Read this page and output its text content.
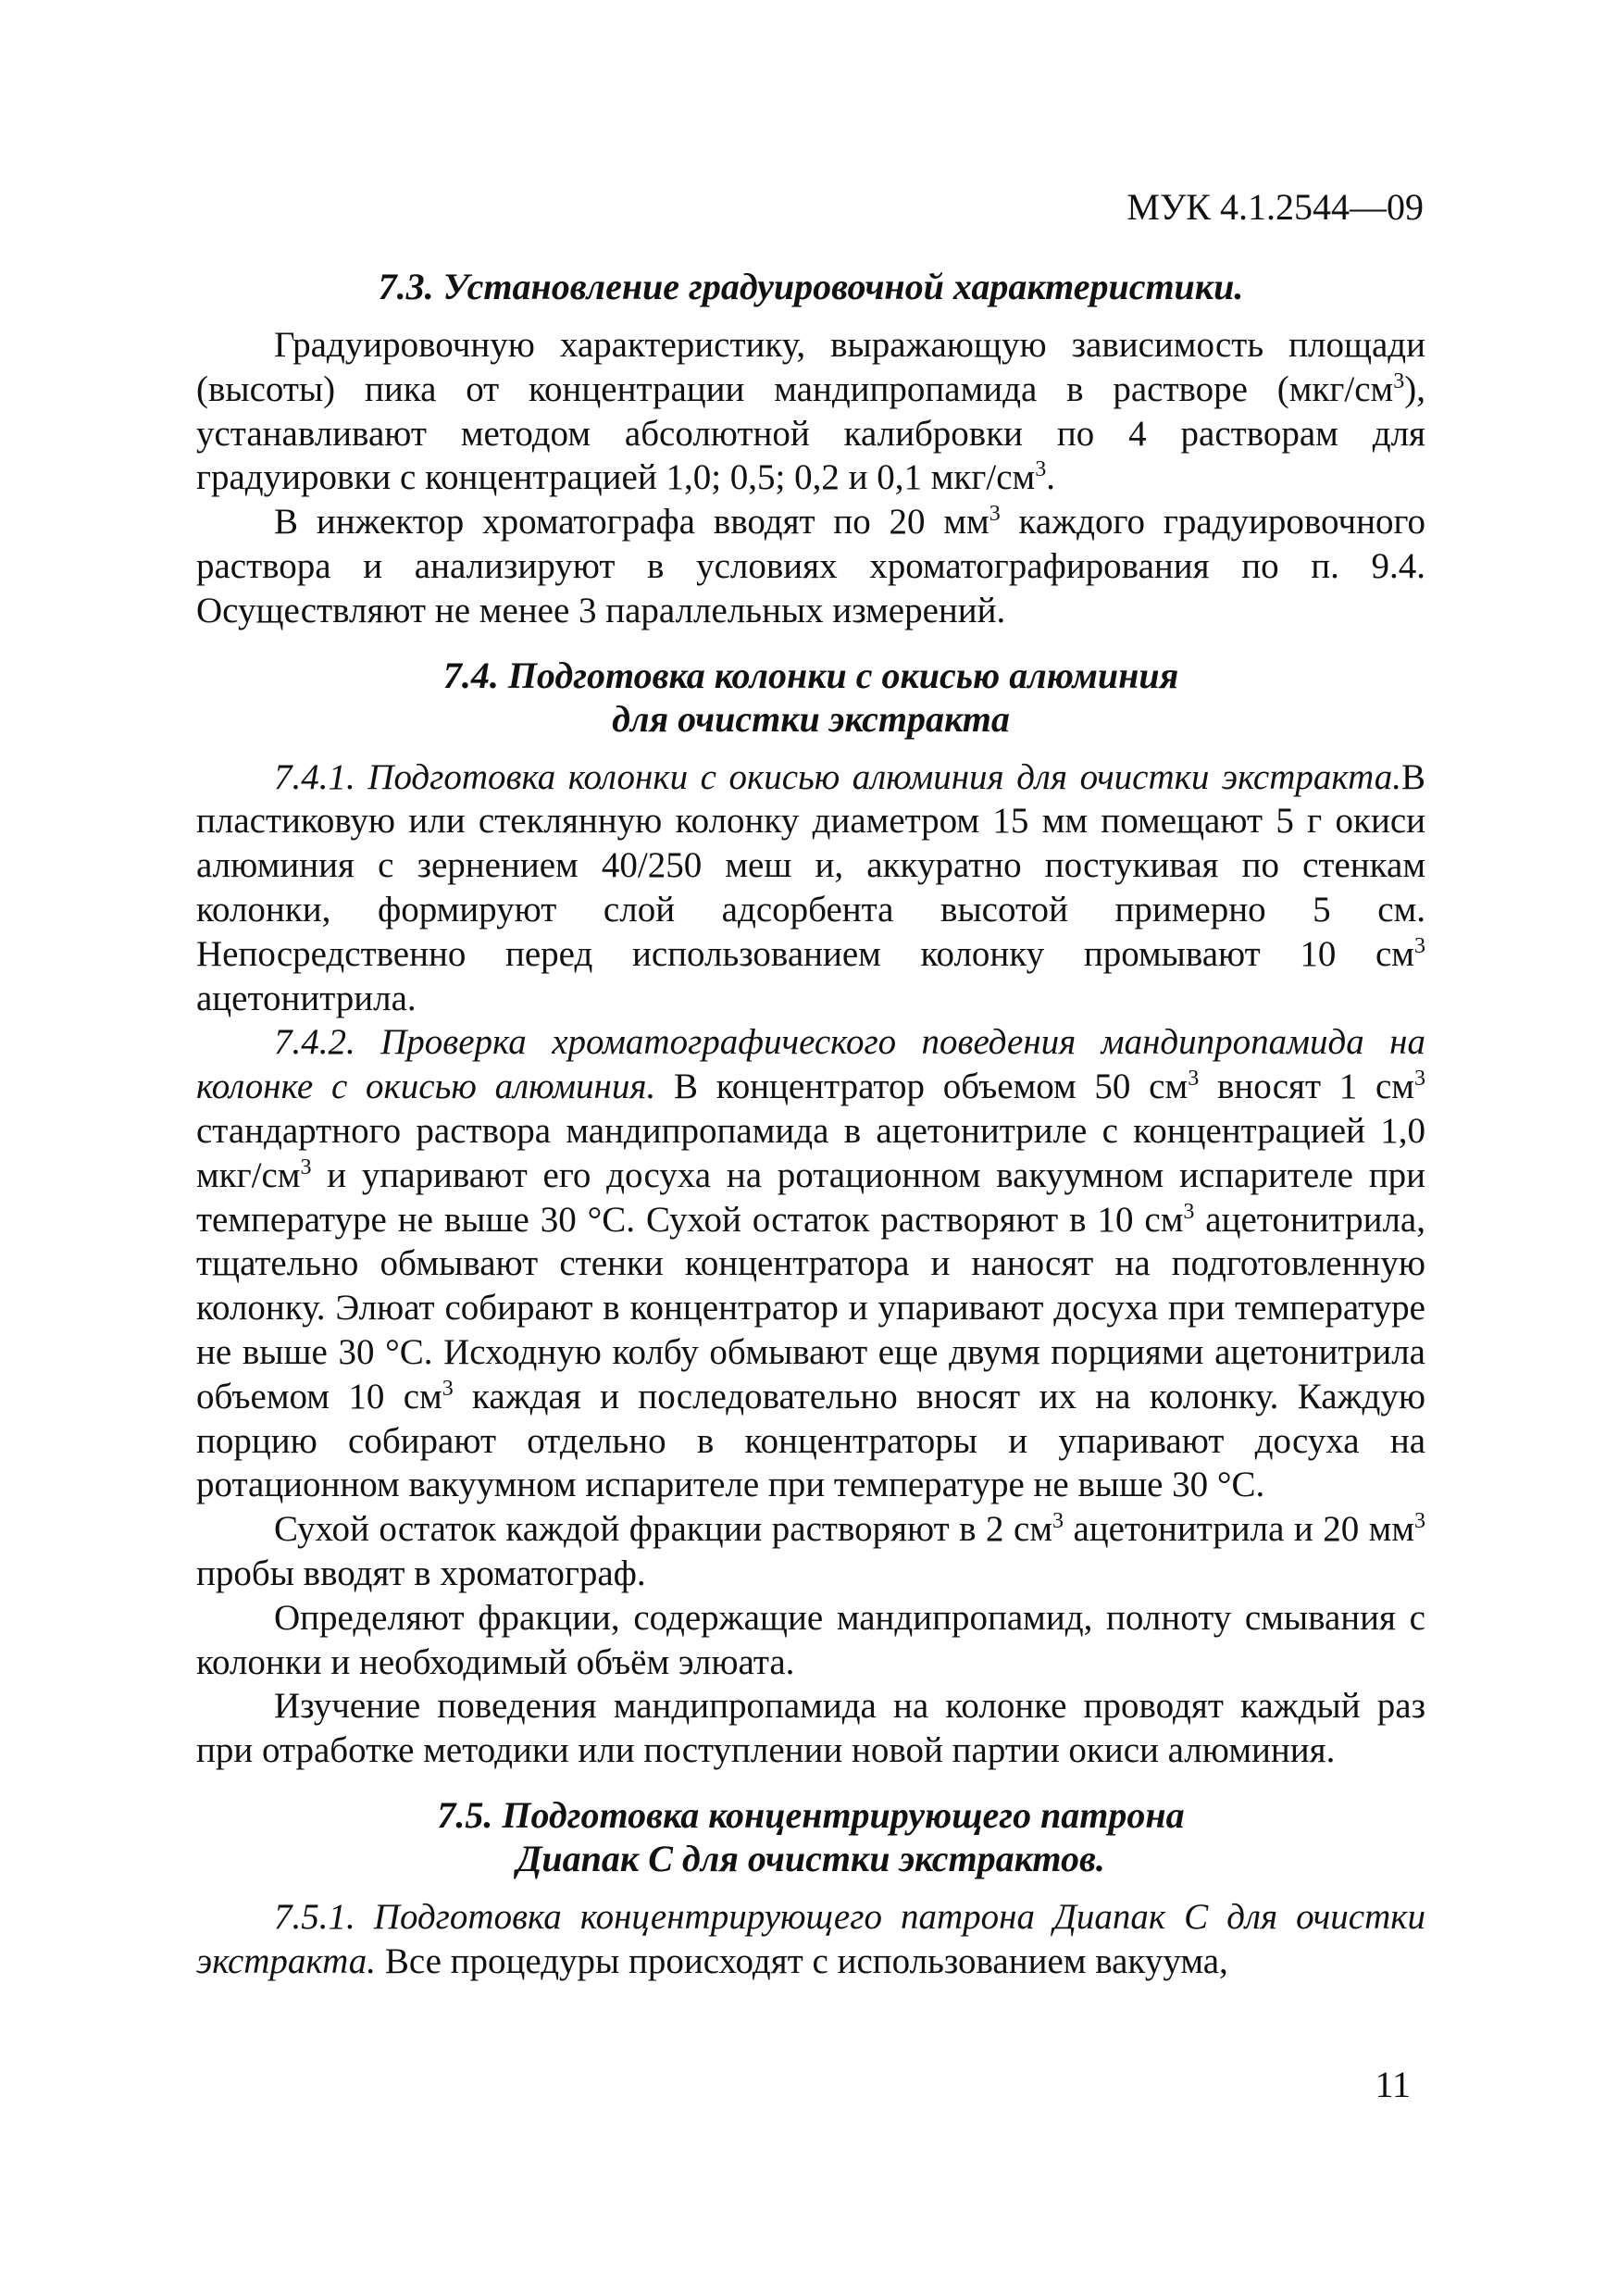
МУК 4.1.2544—09
7.3. Установление градуировочной характеристики.

Градуировочную характеристику, выражающую зависимость площади (высоты) пика от концентрации мандипропамида в растворе $(мкг/см^3)$, устанавливают методом абсолютной калибровки по 4 растворам для градуировки с концентрацией 1,0; 0,5; 0,2 и 0,1 мкг/$см^3$.

В инжектор хроматографа вводят по 20 $мм^3$ каждого градуировочного раствора и анализируют в условиях хроматографирования по п. 9.4. Осуществляют не менее 3 параллельных измерений.

7.4. Подготовка колонки с окисью алюминия
для очистки экстракта

7.4.1. Подготовка колонки с окисью алюминия для очистки экстракта.В пластиковую или стеклянную колонку диаметром 15 мм помещают 5 г окиси алюминия с зернением 40/250 меш и, аккуратно постукивая по стенкам колонки, формируют слой адсорбента высотой примерно 5 см. Непосредственно перед использованием колонку промывают 10 $см^3$ ацетонитрила.

7.4.2. Проверка хроматографического поведения мандипропамида на колонке с окисью алюминия. В концентратор объемом 50 $см^3$ вносят 1 $см^3$ стандартного раствора мандипропамида в ацетонитриле с концентрацией 1,0 мкг/$см^3$ и упаривают его досуха на ротационном вакуумном испарителе при температуре не выше 30 °С. Сухой остаток растворяют в 10 $см^3$ ацетонитрила, тщательно обмывают стенки концентратора и наносят на подготовленную колонку. Элюат собирают в концентратор и упаривают досуха при температуре не выше 30 °С. Исходную колбу обмывают еще двумя порциями ацетонитрила объемом 10 $см^3$ каждая и последовательно вносят их на колонку. Каждую порцию собирают отдельно в концентраторы и упаривают досуха на ротационном вакуумном испарителе при температуре не выше 30 °С.

Сухой остаток каждой фракции растворяют в 2 $см^3$ ацетонитрила и 20 $мм^3$ пробы вводят в хроматограф.

Определяют фракции, содержащие мандипропамид, полноту смывания с колонки и необходимый объём элюата.

Изучение поведения мандипропамида на колонке проводят каждый раз при отработке методики или поступлении новой партии окиси алюминия.

7.5. Подготовка концентрирующего патрона
Диапак С для очистки экстрактов.

7.5.1. Подготовка концентрирующего патрона Диапак С для очистки экстракта. Все процедуры происходят с использованием вакуума,

11
